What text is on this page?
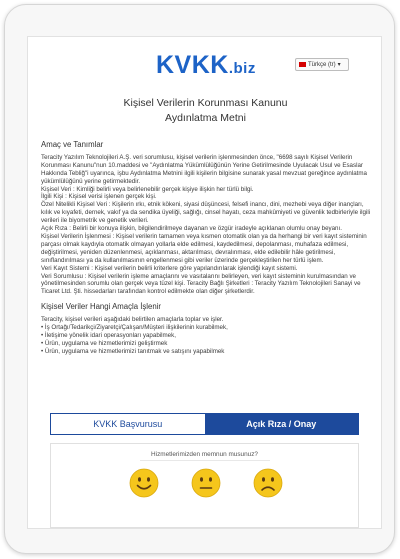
KVKK.biz	Türkçe (tr) ▾
Kişisel Verilerin Korunması Kanunu
Aydınlatma Metni
Amaç ve Tanımlar

Teracity Yazılım Teknolojileri A.Ş. veri sorumlusu, kişisel verilerin işlenmesinden önce, "6698 sayılı Kişisel Verilerin Korunması Kanunu"nun 10.maddesi ve "Aydınlatma Yükümlülüğünün Yerine Getirilmesinde Uyulacak Usul ve Esaslar Hakkında Tebliğ"i uyarınca, işbu Aydınlatma Metnini ilgili kişilerin bilgisine sunarak yasal mevzuat gereğince aydınlatma yükümlülüğünü yerine getirmektedir.

Kişisel Veri : Kimliği belirli veya belirlenebilir gerçek kişiye ilişkin her türlü bilgi.

İlgili Kişi : Kişisel verisi işlenen gerçek kişi.

Özel Nitelikli Kişisel Veri : Kişilerin ırkı, etnik kökeni, siyasi düşüncesi, felsefi inancı, dini, mezhebi veya diğer inançları, kılık ve kıyafeti, dernek, vakıf ya da sendika üyeliği, sağlığı, cinsel hayatı, ceza mahkûmiyeti ve güvenlik tedbirleriyle ilgili verileri ile biyometrik ve genetik verileri.

Açık Rıza : Belirli bir konuya ilişkin, bilgilendirilmeye dayanan ve özgür iradeyle açıklanan olumlu onay beyanı.

Kişisel Verilerin İşlenmesi : Kişisel verilerin tamamen veya kısmen otomatik olan ya da herhangi bir veri kayıt sisteminin parçası olmak kaydıyla otomatik olmayan yollarla elde edilmesi, kaydedilmesi, depolanması, muhafaza edilmesi, değiştirilmesi, yeniden düzenlenmesi, açıklanması, aktarılması, devralınması, elde edilebilir hâle getirilmesi, sınıflandırılması ya da kullanılmasının engellenmesi gibi veriler üzerinde gerçekleştirilen her türlü işlem.

Veri Kayıt Sistemi : Kişisel verilerin belirli kriterlere göre yapılandırılarak işlendiği kayıt sistemi.

Veri Sorumlusu : Kişisel verilerin işleme amaçlarını ve vasıtalarını belirleyen, veri kayıt sisteminin kurulmasından ve yönetilmesinden sorumlu olan gerçek veya tüzel kişi. Teracity Bağlı Şirketleri : Teracity Yazılım Teknolojileri Sanayi ve Ticaret Ltd. Şti. hissedarları tarafından kontrol edilmekte olan diğer şirketlerdir.

Kişisel Veriler Hangi Amaçla İşlenir

Teracity, kişisel verileri aşağıdaki belirtilen amaçlarla toplar ve işler.

• İş Ortağı/Tedarikçi/Ziyaretçi/Çalışan/Müşteri ilişkilerinin kurabilmek,

• İletişime yönelik idari operasyonları yapabilmek,

• Ürün, uygulama ve hizmetlerimizi geliştirmek

• Ürün, uygulama ve hizmetlerimizi tanıtmak ve satışını yapabilmek

KVKK Başvurusu	Açık Rıza / Onay
Hizmetlerimizden memnun musunuz?
